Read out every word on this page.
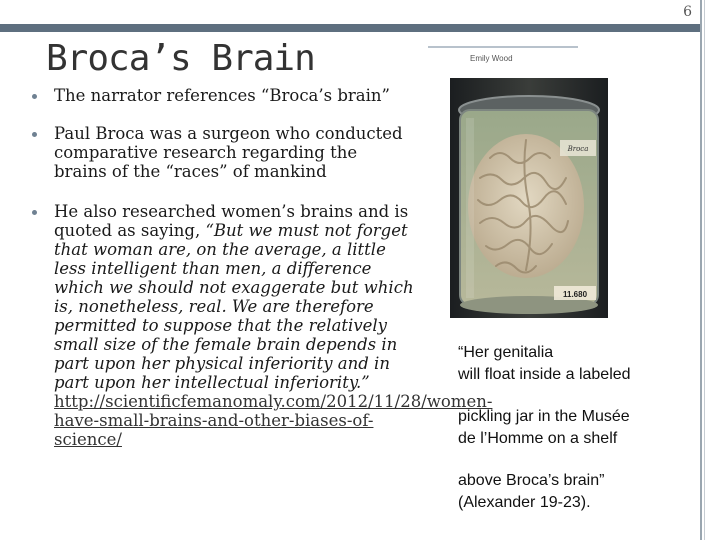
6
Broca’s Brain	Emily Wood
The narrator references “Broca’s brain”
Paul Broca was a surgeon who conducted comparative research regarding the brains of the “races” of mankind
He also researched women’s brains and is quoted as saying, “But we must not forget that woman are, on the average, a little less intelligent than men, a difference which we should not exaggerate but which is, nonetheless, real. We are therefore permitted to suppose that the relatively small size of the female brain depends in part upon her physical inferiority and in part upon her intellectual inferiority.” http://scientificfemanomaly.com/2012/11/28/women-have-small-brains-and-other-biases-of-science/
Broca
11.680

“Her genitalia

will float inside a labeled

pickling jar in the Musée

de l’Homme on a shelf

above Broca’s brain”

(Alexander 19-23).
